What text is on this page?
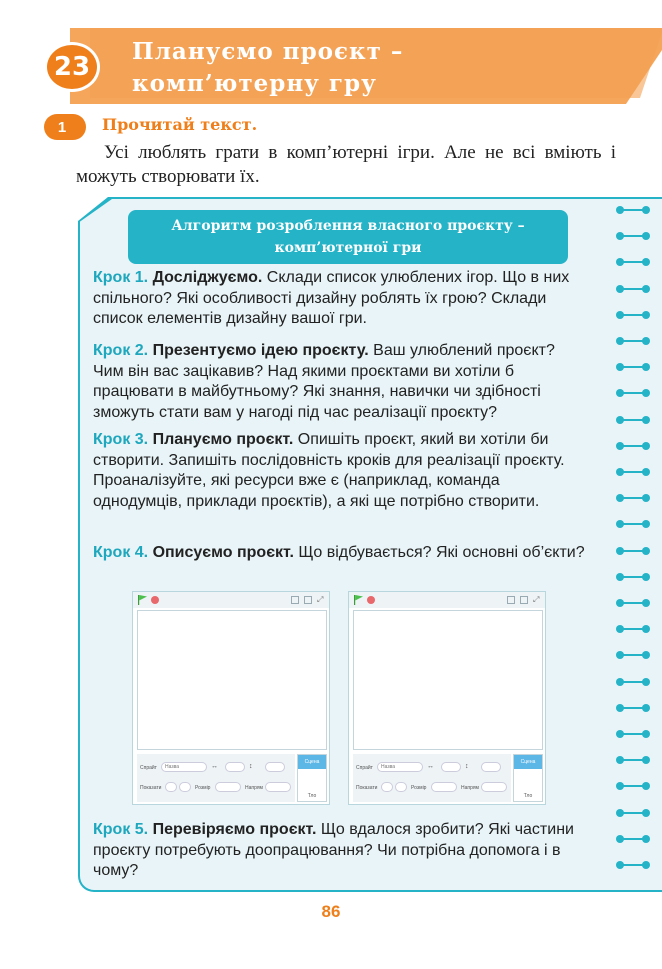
23
Плануємо проєкт –
комп’ютерну гру
1	Прочитай текст.
Усі люблять грати в комп’ютерні ігри. Але не всі вміють і можуть створювати їх.
Алгоритм розроблення власного проєкту –
комп’ютерної гри
Крок 1. Досліджуємо. Склади список улюблених ігор. Що в них спільного? Які особливості дизайну роблять їх грою? Склади список елементів дизайну вашої гри.
Крок 2. Презентуємо ідею проєкту. Ваш улюблений проєкт? Чим він вас зацікавив? Над якими проєктами ви хотіли б працювати в майбутньому? Які знання, навички чи здібності зможуть стати вам у нагоді під час реалізації проєкту?
Крок 3. Плануємо проєкт. Опишіть проєкт, який ви хотіли би створити. Запишіть послідовність кроків для реалізації проєкту. Проаналізуйте, які ресурси вже є (наприклад, команда однодумців, приклади проєктів), а які ще потрібно створити.
Крок 4. Описуємо проєкт. Що відбувається? Які основні об’єкти?
⤢
Спрайт	Назва	↔	↕
Показати	Розмір	Напрям
Сцена
Тло
⤢
Спрайт	Назва	↔	↕
Показати	Розмір	Напрям
Сцена
Тло
Крок 5. Перевіряємо проєкт. Що вдалося зробити? Які частини проєкту потребують доопрацювання? Чи потрібна допомога і в чому?
86
